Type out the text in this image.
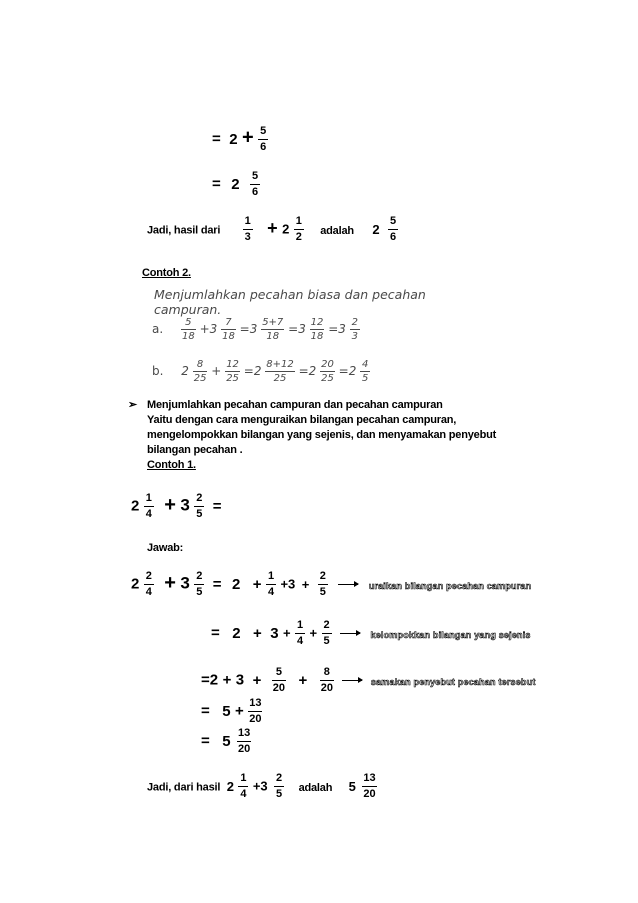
= $2 + \frac{5}{6}$
= $2 \frac{5}{6}$
Jadi, hasil dari $\frac{1}{3} + 2 \frac{1}{2}$ adalah $2 \frac{5}{6}$
Contoh 2.
Menjumlahkan pecahan biasa dan pecahan campuran.
a. $\frac{5}{18} +3 \frac{7}{18} =3 \frac{5+7}{18} =3 \frac{12}{18} =3 \frac{2}{3}$
b. $2 \frac{8}{25} + \frac{12}{25} =2 \frac{8+12}{25} =2 \frac{20}{25} =2 \frac{4}{5}$
➢ Menjumlahkan pecahan campuran dan pecahan campuran
Yaitu dengan cara menguraikan bilangan pecahan campuran,
mengelompokkan bilangan yang sejenis, dan menyamakan penyebut
bilangan pecahan .
Contoh 1.
$2 \frac{1}{4} + 3 \frac{2}{5}$ =
Jawab:
$2 \frac{2}{4} + 3 \frac{2}{5} = 2 + \frac{1}{4} +3 + \frac{2}{5}$	uraikan bilangan pecahan campuran
= $2 + 3 + \frac{1}{4} + \frac{2}{5}$	kelompokkan bilangan yang sejenis
$=2 + 3 + \frac{5}{20} + \frac{8}{20}$	samakan penyebut pecahan tersebut
= $5 + \frac{13}{20}$
= $5 \frac{13}{20}$
Jadi, dari hasil $2 \frac{1}{4} +3 \frac{2}{5}$ adalah $5 \frac{13}{20}$
